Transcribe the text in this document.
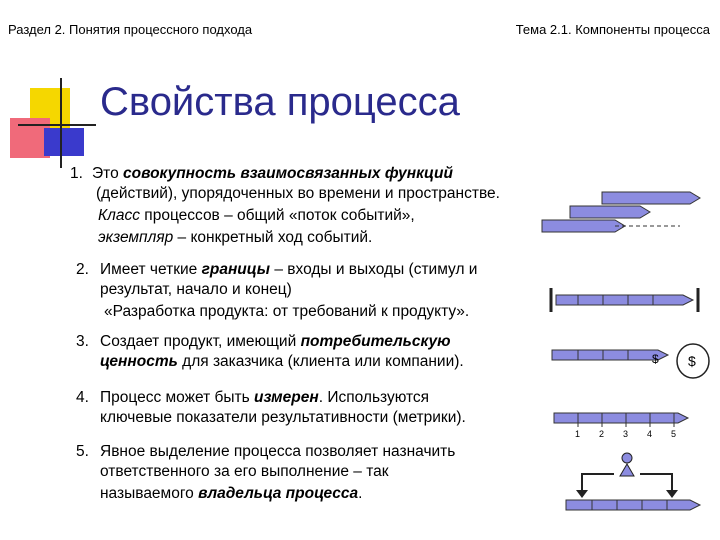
Раздел 2. Понятия процессного подхода	Тема 2.1. Компоненты процесса
Свойства процесса
1. Это совокупность взаимосвязанных функций
(действий), упорядоченных во времени и пространстве.
Класс процессов – общий «поток событий»,
экземпляр – конкретный ход событий.
2. Имеет четкие границы – входы и выходы (стимул и
результат, начало и конец)
«Разработка продукта: от требований к продукту».
3. Создает продукт, имеющий потребительскую
ценность для заказчика (клиента или компании).
4. Процесс может быть измерен. Используются
ключевые показатели результативности (метрики).
5. Явное выделение процесса позволяет назначить
ответственного за его выполнение – так
называемого владельца процесса.
$
$
1 2 3 4 5
